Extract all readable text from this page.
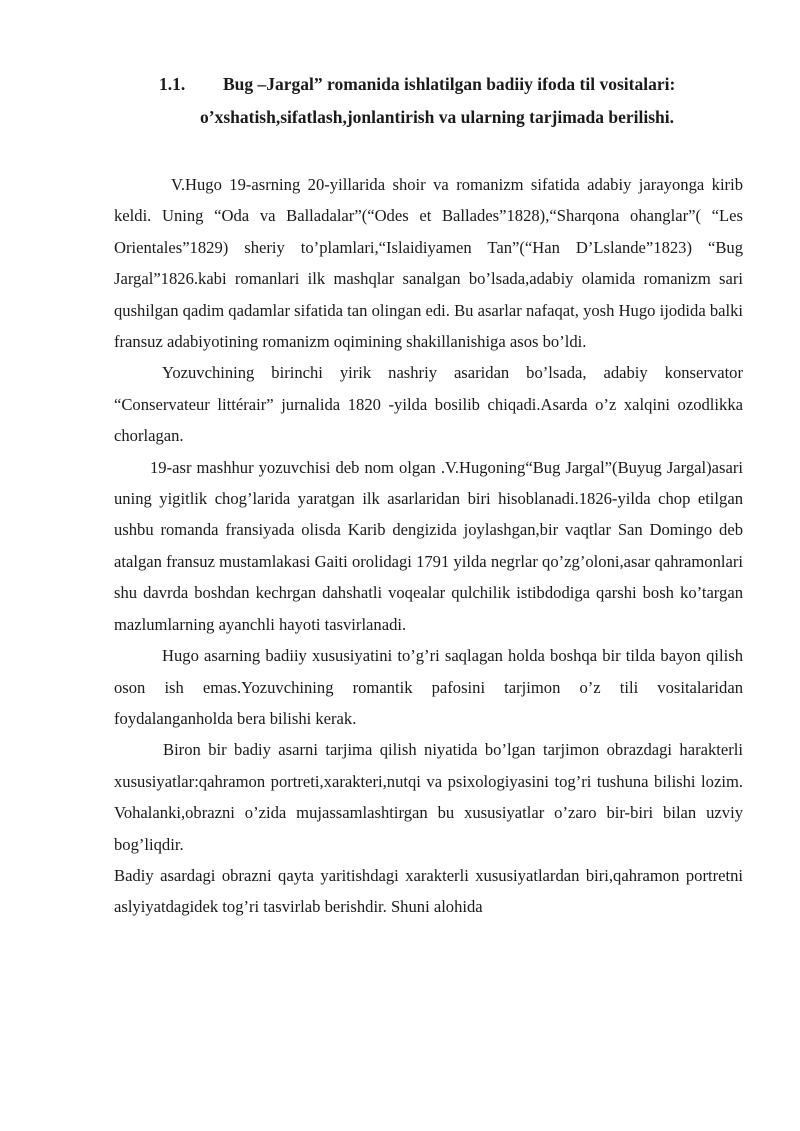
1.1.	Bug –Jargal” romanida ishlatilgan badiiy ifoda til vositalari:
o’xshatish,sifatlash,jonlantirish va ularning tarjimada berilishi.

V.Hugo 19-asrning 20-yillarida shoir va romanizm sifatida adabiy jarayonga kirib keldi. Uning “Oda va Balladalar”(“Odes et Ballades”1828),“Sharqona ohanglar”( “Les Orientales”1829) sheriy to’plamlari,“Islaidiyamen Tan”(“Han D’Lslande”1823) “Bug Jargal”1826.kabi romanlari ilk mashqlar sanalgan bo’lsada,adabiy olamida romanizm sari qushilgan qadim qadamlar sifatida tan olingan edi. Bu asarlar nafaqat, yosh Hugo ijodida balki fransuz adabiyotining romanizm oqimining shakillanishiga asos bo’ldi.

Yozuvchining birinchi yirik nashriy asaridan bo’lsada, adabiy konservator “Conservateur littérair” jurnalida 1820 -yilda bosilib chiqadi.Asarda o’z xalqini ozodlikka chorlagan.

19-asr mashhur yozuvchisi deb nom olgan .V.Hugoning“Bug Jargal”(Buyug Jargal)asari uning yigitlik chog’larida yaratgan ilk asarlaridan biri hisoblanadi.1826-yilda chop etilgan ushbu romanda fransiyada olisda Karib dengizida joylashgan,bir vaqtlar San Domingo deb atalgan fransuz mustamlakasi Gaiti orolidagi 1791 yilda negrlar qo’zg’oloni,asar qahramonlari shu davrda boshdan kechrgan dahshatli voqealar qulchilik istibdodiga qarshi bosh ko’targan mazlumlarning ayanchli hayoti tasvirlanadi.

Hugo asarning badiiy xususiyatini to’g’ri saqlagan holda boshqa bir tilda bayon qilish oson ish emas.Yozuvchining romantik pafosini tarjimon o’z tili vositalaridan foydalanganholda bera bilishi kerak.

Biron bir badiy asarni tarjima qilish niyatida bo’lgan tarjimon obrazdagi harakterli xususiyatlar:qahramon portreti,xarakteri,nutqi va psixologiyasini tog’ri tushuna bilishi lozim. Vohalanki,obrazni o’zida mujassamlashtirgan bu xususiyatlar o’zaro bir-biri bilan uzviy bog’liqdir.

Badiy asardagi obrazni qayta yaritishdagi xarakterli xususiyatlardan biri,qahramon portretni aslyiyatdagidek tog’ri tasvirlab berishdir. Shuni alohida
